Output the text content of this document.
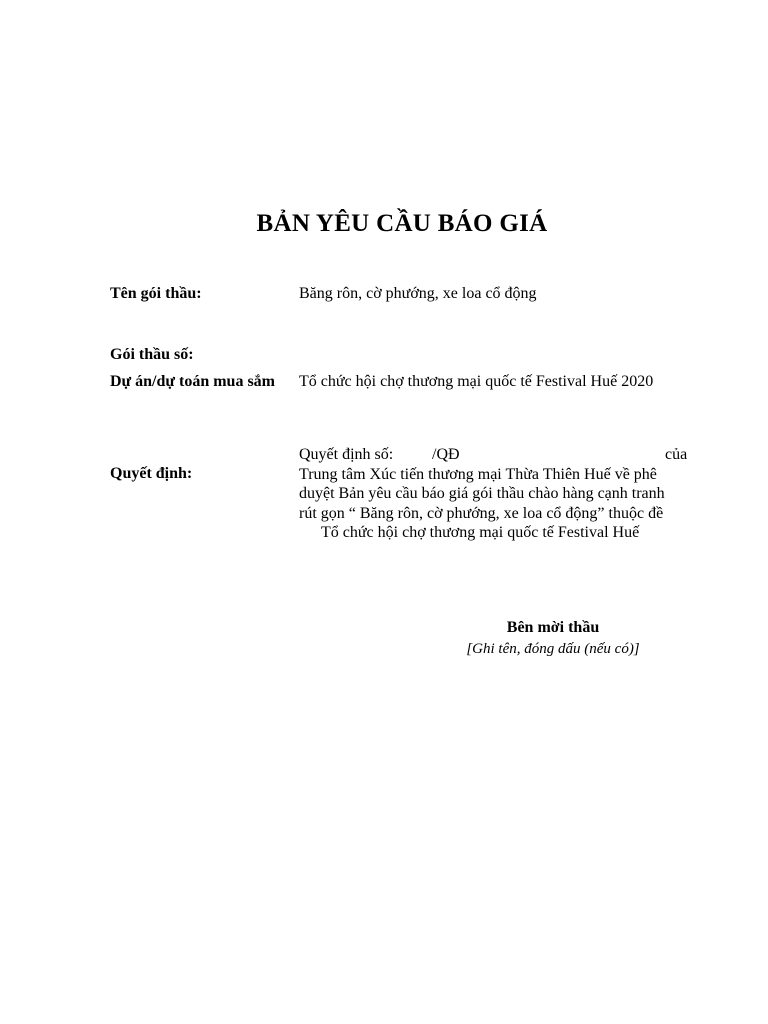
BẢN YÊU CẦU BÁO GIÁ
Tên gói thầu:	Băng rôn, cờ phướng, xe loa cổ động
Gói thầu số:
Dự án/dự toán mua sắm Tổ chức hội chợ thương mại quốc tế Festival Huế 2020
Quyết định:
Quyết định số: /QĐ	của
Trung tâm Xúc tiến thương mại Thừa Thiên Huế về phê
duyệt Bản yêu cầu báo giá gói thầu chào hàng cạnh tranh
rút gọn “ Băng rôn, cờ phướng, xe loa cổ động” thuộc đề
Tổ chức hội chợ thương mại quốc tế Festival Huế
Bên mời thầu
[Ghi tên, đóng dấu (nếu có)]
